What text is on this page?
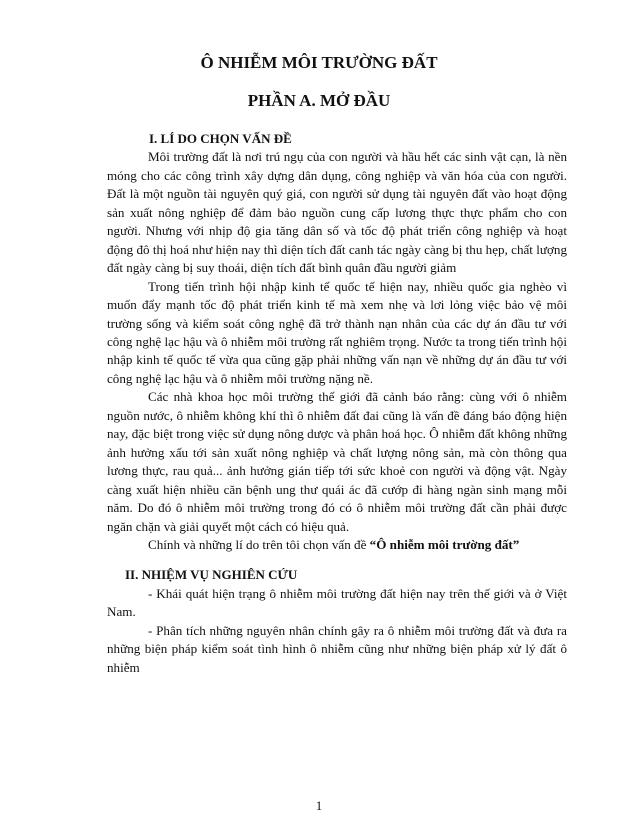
Ô NHIỄM MÔI TRƯỜNG ĐẤT
PHẦN A. MỞ ĐẦU

I. LÍ DO CHỌN VẤN ĐỀ

Môi trường đất là nơi trú ngụ của con người và hầu hết các sinh vật cạn, là nền móng cho các công trình xây dựng dân dụng, công nghiệp và văn hóa của con người. Đất là một nguồn tài nguyên quý giá, con người sử dụng tài nguyên đất vào hoạt động sản xuất nông nghiệp để đảm bảo nguồn cung cấp lương thực thực phẩm cho con người. Nhưng với nhịp độ gia tăng dân số và tốc độ phát triển công nghiệp và hoạt động đô thị hoá như hiện nay thì diện tích đất canh tác ngày càng bị thu hẹp, chất lượng đất ngày càng bị suy thoái, diện tích đất bình quân đầu người giảm

Trong tiến trình hội nhập kinh tế quốc tế hiện nay, nhiều quốc gia nghèo vì muốn đẩy mạnh tốc độ phát triển kinh tế mà xem nhẹ và lơi lỏng việc bảo vệ môi trường sống và kiểm soát công nghệ đã trở thành nạn nhân của các dự án đầu tư với công nghệ lạc hậu và ô nhiễm môi trường rất nghiêm trọng. Nước ta trong tiến trình hội nhập kinh tế quốc tế vừa qua cũng gặp phải những vấn nạn về những dự án đầu tư với công nghệ lạc hậu và ô nhiễm môi trường nặng nề.

Các nhà khoa học môi trường thế giới đã cảnh báo rằng: cùng với ô nhiễm nguồn nước, ô nhiễm không khí thì ô nhiễm đất đai cũng là vấn đề đáng báo động hiện nay, đặc biệt trong việc sử dụng nông dược và phân hoá học. Ô nhiễm đất không những ảnh hưởng xấu tới sản xuất nông nghiệp và chất lượng nông sản, mà còn thông qua lương thực, rau quả... ảnh hưởng gián tiếp tới sức khoẻ con người và động vật. Ngày càng xuất hiện nhiều căn bệnh ung thư quái ác đã cướp đi hàng ngàn sinh mạng mỗi năm. Do đó ô nhiễm môi trường trong đó có ô nhiễm môi trường đất cần phải được ngăn chặn và giải quyết một cách có hiệu quả.

Chính và những lí do trên tôi chọn vấn đề “Ô nhiễm môi trường đất”

II. NHIỆM VỤ NGHIÊN CỨU

- Khái quát hiện trạng ô nhiễm môi trường đất hiện nay trên thế giới và ở Việt Nam.

- Phân tích những nguyên nhân chính gây ra ô nhiễm môi trường đất và đưa ra những biện pháp kiểm soát tình hình ô nhiễm cũng như những biện pháp xử lý đất ô nhiễm

1
